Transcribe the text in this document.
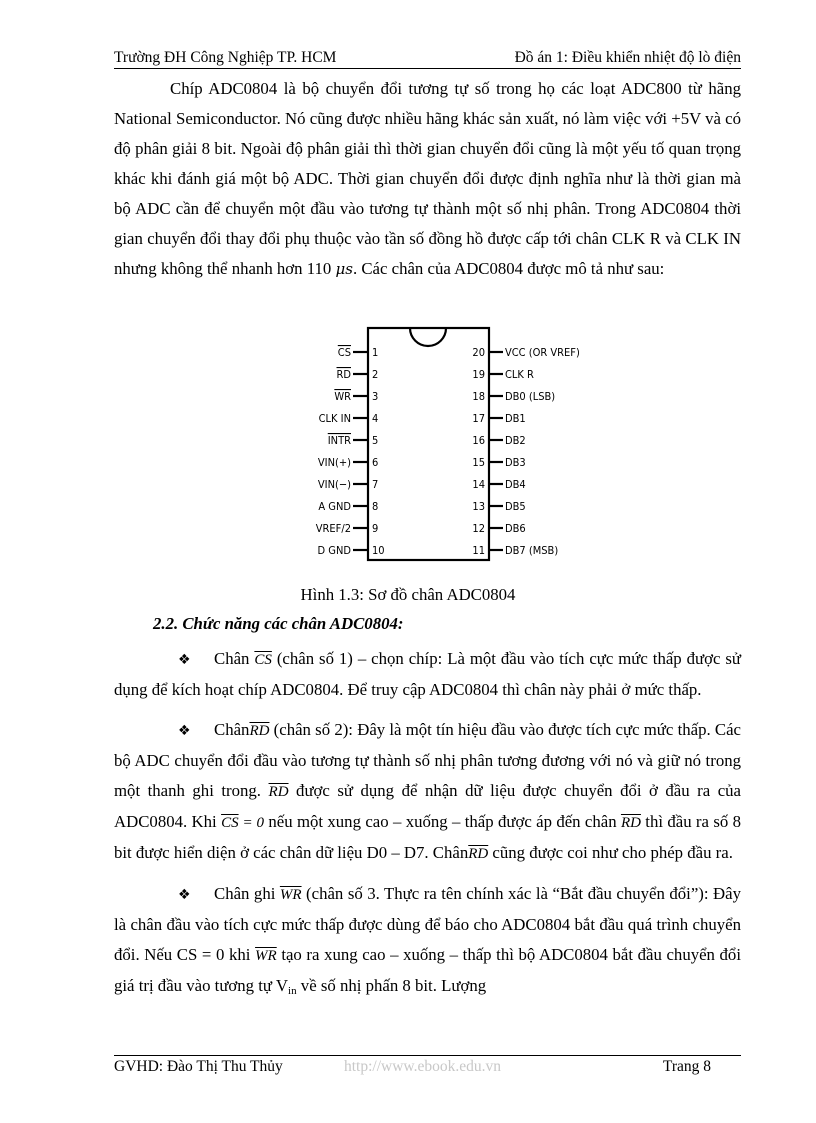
Trường ĐH Công Nghiệp TP. HCM	Đồ án 1: Điều khiển nhiệt độ lò điện

Chíp ADC0804 là bộ chuyển đổi tương tự số trong họ các loạt ADC800 từ hãng National Semiconductor. Nó cũng được nhiều hãng khác sản xuất, nó làm việc với +5V và có độ phân giải 8 bit. Ngoài độ phân giải thì thời gian chuyển đổi cũng là một yếu tố quan trọng khác khi đánh giá một bộ ADC. Thời gian chuyển đổi được định nghĩa như là thời gian mà bộ ADC cần để chuyển một đầu vào tương tự thành một số nhị phân. Trong ADC0804 thời gian chuyển đổi thay đổi phụ thuộc vào tần số đồng hồ được cấp tới chân CLK R và CLK IN nhưng không thể nhanh hơn 110 μs. Các chân của ADC0804 được mô tả như sau:

CS 1
RD 2
WR 3
CLK IN 4
INTR 5
VIN(+) 6
VIN(−) 7
A GND 8
VREF/2 9
D GND 10
20 VCC (OR VREF)
19 CLK R
18 DB0 (LSB)
17 DB1
16 DB2
15 DB3
14 DB4
13 DB5
12 DB6
11 DB7 (MSB)
Hình 1.3: Sơ đồ chân ADC0804
2.2. Chức năng các chân ADC0804:

❖ Chân $\overline{CS}$ (chân số 1) – chọn chíp: Là một đầu vào tích cực mức thấp được sử dụng để kích hoạt chíp ADC0804. Để truy cập ADC0804 thì chân này phải ở mức thấp.

❖ $Chân\overline{RD}$ (chân số 2): Đây là một tín hiệu đầu vào được tích cực mức thấp. Các bộ ADC chuyển đổi đầu vào tương tự thành số nhị phân tương đương với nó và giữ nó trong một thanh ghi trong. $\overline{RD}$ được sử dụng để nhận dữ liệu được chuyển đổi ở đầu ra của ADC0804. Khi $\overline{CS} = 0$ nếu một xung cao – xuống – thấp được áp đến chân $\overline{RD}$ thì đầu ra số 8 bit được hiển diện ở các chân dữ liệu D0 – D7. $Chân\overline{RD}$ cũng được coi như cho phép đầu ra.

❖ Chân ghi $\overline{WR}$ (chân số 3. Thực ra tên chính xác là “Bắt đầu chuyển đổi”): Đây là chân đầu vào tích cực mức thấp được dùng để báo cho ADC0804 bắt đầu quá trình chuyển đổi. Nếu CS = 0 khi $\overline{WR}$ tạo ra xung cao – xuống – thấp thì bộ ADC0804 bắt đầu chuyển đổi giá trị đầu vào tương tự $V_{in}$ về số nhị phấn 8 bit. Lượng

GVHD: Đào Thị Thu Thủy	http://www.ebook.edu.vn	Trang 8
